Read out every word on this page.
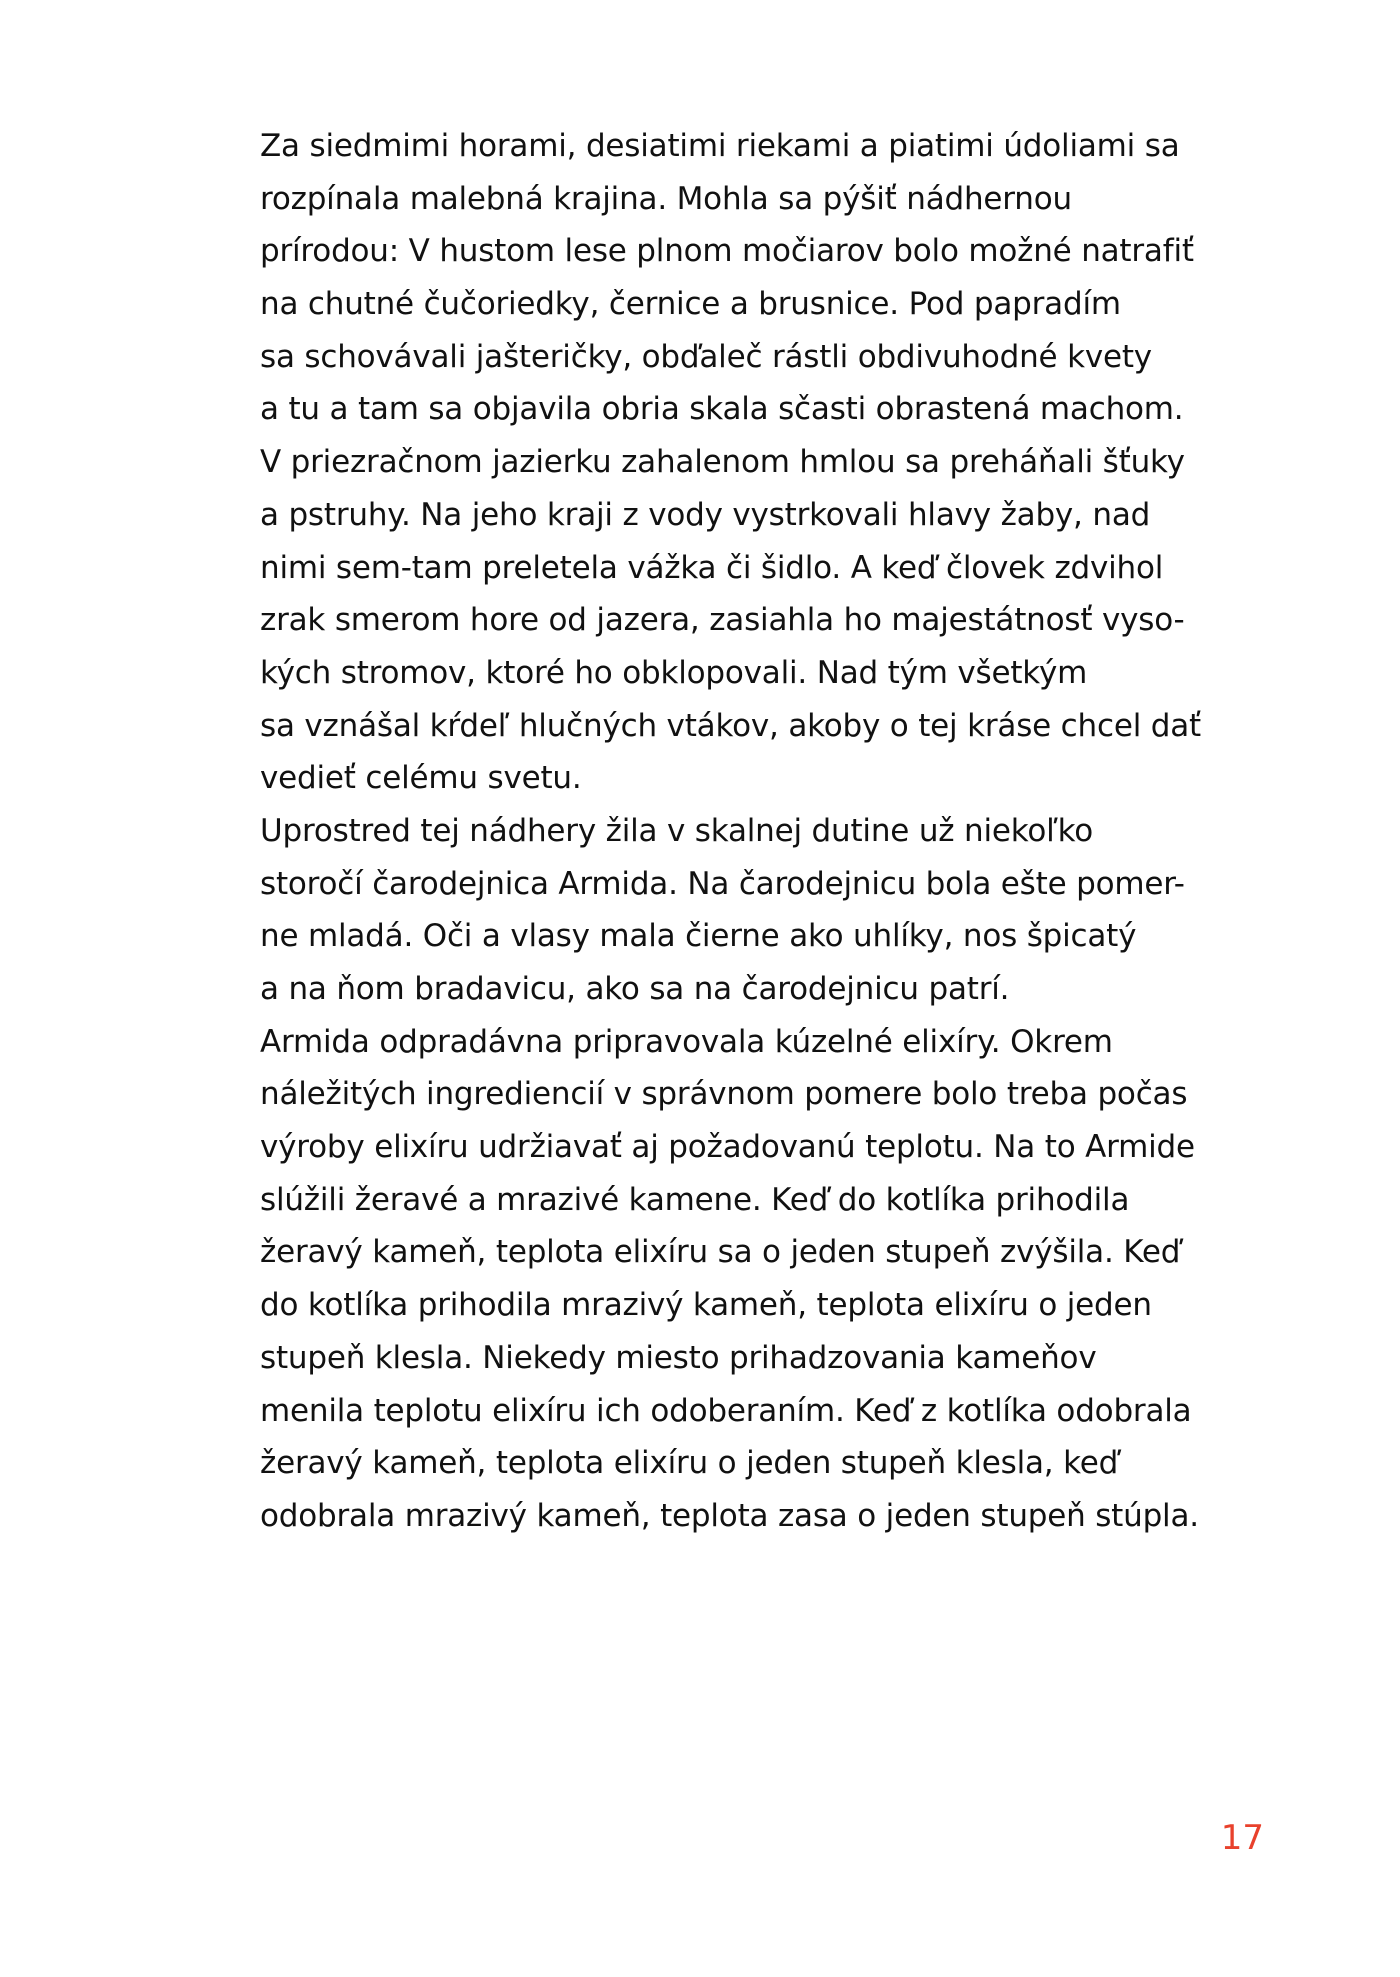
Za siedmimi horami, desiatimi riekami a piatimi údoliami sa
rozpínala malebná krajina. Mohla sa pýšiť nádhernou
prírodou: V hustom lese plnom močiarov bolo možné natrafiť
na chutné čučoriedky, černice a brusnice. Pod papradím
sa schovávali jašteričky, obďaleč rástli obdivuhodné kvety
a tu a tam sa objavila obria skala sčasti obrastená machom.
V priezračnom jazierku zahalenom hmlou sa preháňali šťuky
a pstruhy. Na jeho kraji z vody vystrkovali hlavy žaby, nad
nimi sem-tam preletela vážka či šidlo. A keď človek zdvihol
zrak smerom hore od jazera, zasiahla ho majestátnosť vyso-
kých stromov, ktoré ho obklopovali. Nad tým všetkým
sa vznášal kŕdeľ hlučných vtákov, akoby o tej kráse chcel dať
vedieť celému svetu.
Uprostred tej nádhery žila v skalnej dutine už niekoľko
storočí čarodejnica Armida. Na čarodejnicu bola ešte pomer-
ne mladá. Oči a vlasy mala čierne ako uhlíky, nos špicatý
a na ňom bradavicu, ako sa na čarodejnicu patrí.
Armida odpradávna pripravovala kúzelné elixíry. Okrem
náležitých ingrediencií v správnom pomere bolo treba počas
výroby elixíru udržiavať aj požadovanú teplotu. Na to Armide
slúžili žeravé a mrazivé kamene. Keď do kotlíka prihodila
žeravý kameň, teplota elixíru sa o jeden stupeň zvýšila. Keď
do kotlíka prihodila mrazivý kameň, teplota elixíru o jeden
stupeň klesla. Niekedy miesto prihadzovania kameňov
menila teplotu elixíru ich odoberaním. Keď z kotlíka odobrala
žeravý kameň, teplota elixíru o jeden stupeň klesla, keď
odobrala mrazivý kameň, teplota zasa o jeden stupeň stúpla.
17
